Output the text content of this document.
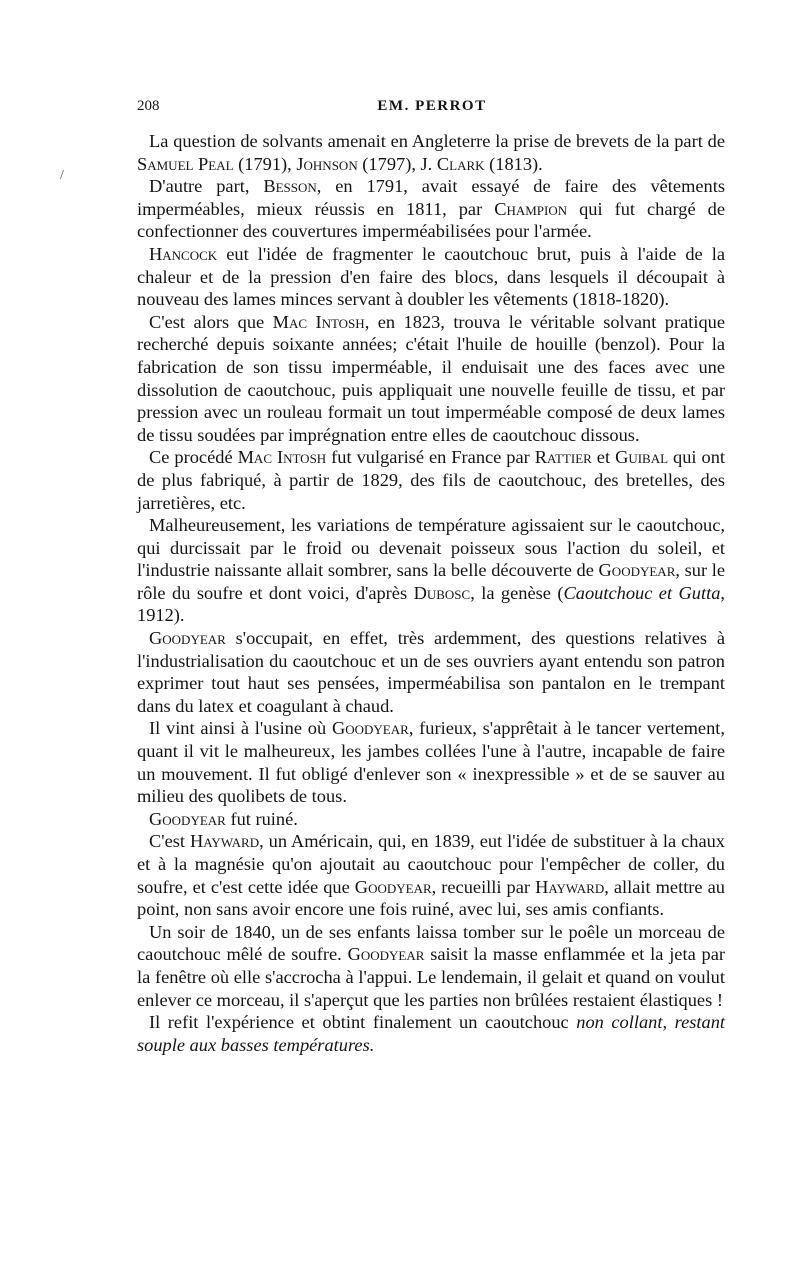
208	EM. PERROT
/

La question de solvants amenait en Angleterre la prise de brevets de la part de Samuel Peal (1791), Johnson (1797), J. Clark (1813).

D'autre part, Besson, en 1791, avait essayé de faire des vêtements imperméables, mieux réussis en 1811, par Champion qui fut chargé de confectionner des couvertures imperméabilisées pour l'armée.

Hancock eut l'idée de fragmenter le caoutchouc brut, puis à l'aide de la chaleur et de la pression d'en faire des blocs, dans lesquels il découpait à nouveau des lames minces servant à doubler les vêtements (1818-1820).

C'est alors que Mac Intosh, en 1823, trouva le véritable solvant pratique recherché depuis soixante années; c'était l'huile de houille (benzol). Pour la fabrication de son tissu imperméable, il enduisait une des faces avec une dissolution de caoutchouc, puis appliquait une nouvelle feuille de tissu, et par pression avec un rouleau formait un tout imperméable composé de deux lames de tissu soudées par imprégnation entre elles de caoutchouc dissous.

Ce procédé Mac Intosh fut vulgarisé en France par Rattier et Guibal qui ont de plus fabriqué, à partir de 1829, des fils de caoutchouc, des bretelles, des jarretières, etc.

Malheureusement, les variations de température agissaient sur le caoutchouc, qui durcissait par le froid ou devenait poisseux sous l'action du soleil, et l'industrie naissante allait sombrer, sans la belle découverte de Goodyear, sur le rôle du soufre et dont voici, d'après Dubosc, la genèse (Caoutchouc et Gutta, 1912).

Goodyear s'occupait, en effet, très ardemment, des questions relatives à l'industrialisation du caoutchouc et un de ses ouvriers ayant entendu son patron exprimer tout haut ses pensées, imperméabilisa son pantalon en le trempant dans du latex et coagulant à chaud.

Il vint ainsi à l'usine où Goodyear, furieux, s'apprêtait à le tancer vertement, quant il vit le malheureux, les jambes collées l'une à l'autre, incapable de faire un mouvement. Il fut obligé d'enlever son « inexpressible » et de se sauver au milieu des quolibets de tous.

Goodyear fut ruiné.

C'est Hayward, un Américain, qui, en 1839, eut l'idée de substituer à la chaux et à la magnésie qu'on ajoutait au caoutchouc pour l'empêcher de coller, du soufre, et c'est cette idée que Goodyear, recueilli par Hayward, allait mettre au point, non sans avoir encore une fois ruiné, avec lui, ses amis confiants.

Un soir de 1840, un de ses enfants laissa tomber sur le poêle un morceau de caoutchouc mêlé de soufre. Goodyear saisit la masse enflammée et la jeta par la fenêtre où elle s'accrocha à l'appui. Le lendemain, il gelait et quand on voulut enlever ce morceau, il s'aperçut que les parties non brûlées restaient élastiques !

Il refit l'expérience et obtint finalement un caoutchouc non collant, restant souple aux basses températures.
